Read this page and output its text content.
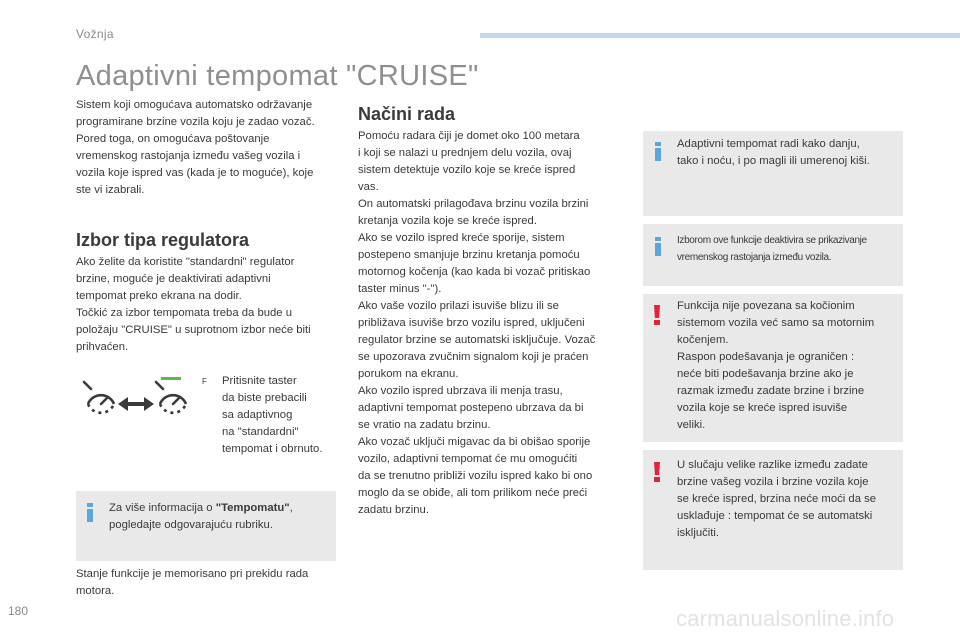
Vožnja
Adaptivni tempomat "CRUISE"
Sistem koji omogućava automatsko održavanje
programirane brzine vozila koju je zadao vozač.
Pored toga, on omogućava poštovanje
vremenskog rastojanja između vašeg vozila i
vozila koje ispred vas (kada je to moguće), koje
ste vi izabrali.
Izbor tipa regulatora
Ako želite da koristite "standardni" regulator
brzine, moguće je deaktivirati adaptivni
tempomat preko ekrana na dodir.
Točkić za izbor tempomata treba da bude u
položaju "CRUISE" u suprotnom izbor neće biti
prihvaćen.
F Pritisnite taster
da biste prebacili
sa adaptivnog
na "standardni"
tempomat i obrnuto.
Za više informacija o "Tempomatu",
pogledajte odgovarajuću rubriku.
Stanje funkcije je memorisano pri prekidu rada
motora.
Načini rada
Pomoću radara čiji je domet oko 100 metara
i koji se nalazi u prednjem delu vozila, ovaj
sistem detektuje vozilo koje se kreće ispred
vas.
On automatski prilagođava brzinu vozila brzini
kretanja vozila koje se kreće ispred.
Ako se vozilo ispred kreće sporije, sistem
postepeno smanjuje brzinu kretanja pomoću
motornog kočenja (kao kada bi vozač pritiskao
taster minus "-").
Ako vaše vozilo prilazi isuviše blizu ili se
približava isuviše brzo vozilu ispred, uključeni
regulator brzine se automatski isključuje. Vozač
se upozorava zvučnim signalom koji je praćen
porukom na ekranu.
Ako vozilo ispred ubrzava ili menja trasu,
adaptivni tempomat postepeno ubrzava da bi
se vratio na zadatu brzinu.
Ako vozač uključi migavac da bi obišao sporije
vozilo, adaptivni tempomat će mu omogućiti
da se trenutno približi vozilu ispred kako bi ono
moglo da se obiđe, ali tom prilikom neće preći
zadatu brzinu.
Adaptivni tempomat radi kako danju,
tako i noću, i po magli ili umerenoj kiši.
Izborom ove funkcije deaktivira se prikazivanje
vremenskog rastojanja između vozila.
Funkcija nije povezana sa kočionim
sistemom vozila već samo sa motornim
kočenjem.
Raspon podešavanja je ograničen :
neće biti podešavanja brzine ako je
razmak između zadate brzine i brzine
vozila koje se kreće ispred isuviše
veliki.
U slučaju velike razlike između zadate
brzine vašeg vozila i brzine vozila koje
se kreće ispred, brzina neće moći da se
usklađuje : tempomat će se automatski
isključiti.
180	carmanualsonline.info
